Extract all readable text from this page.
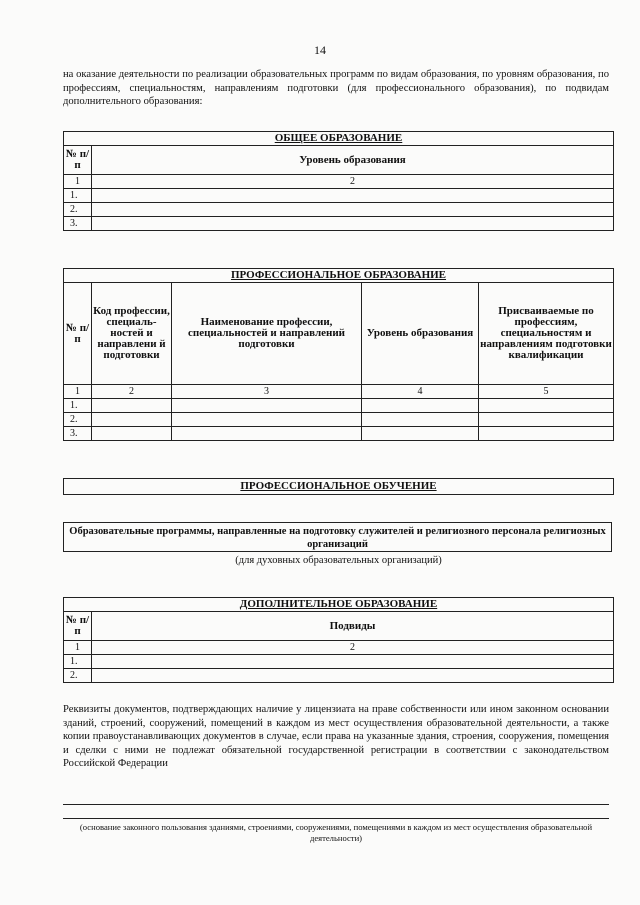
14

на оказание деятельности по реализации образовательных программ по видам образования, по уровням образования, по профессиям, специальностям, направлениям подготовки (для профессионального образования), по подвидам дополнительного образования:

ОБЩЕЕ ОБРАЗОВАНИЕ	
№ п/п	Уровень образования
1	2
1.	
2.	
3.	
ПРОФЕССИОНАЛЬНОЕ ОБРАЗОВАНИЕ				
№ п/п	Код профессии, специаль-ностей и направлени й подготовки	Наименование профессии, специальностей и направлений подготовки	Уровень образования	Присваиваемые по профессиям, специальностям и направлениям подготовки квалификации
1	2	3	4	5
1.				
2.				
3.				
ПРОФЕССИОНАЛЬНОЕ ОБУЧЕНИЕ
Образовательные программы, направленные на подготовку служителей и религиозного персонала религиозных организаций
(для духовных образовательных организаций)
ДОПОЛНИТЕЛЬНОЕ ОБРАЗОВАНИЕ	
№ п/п	Подвиды
1	2
1.	
2.	

Реквизиты документов, подтверждающих наличие у лицензиата на праве собственности или ином законном основании зданий, строений, сооружений, помещений в каждом из мест осуществления образовательной деятельности, а также копии правоустанавливающих документов в случае, если права на указанные здания, строения, сооружения, помещения и сделки с ними не подлежат обязательной государственной регистрации в соответствии с законодательством Российской Федерации

(основание законного пользования зданиями, строениями, сооружениями, помещениями в каждом из мест осуществления образовательной деятельности)
